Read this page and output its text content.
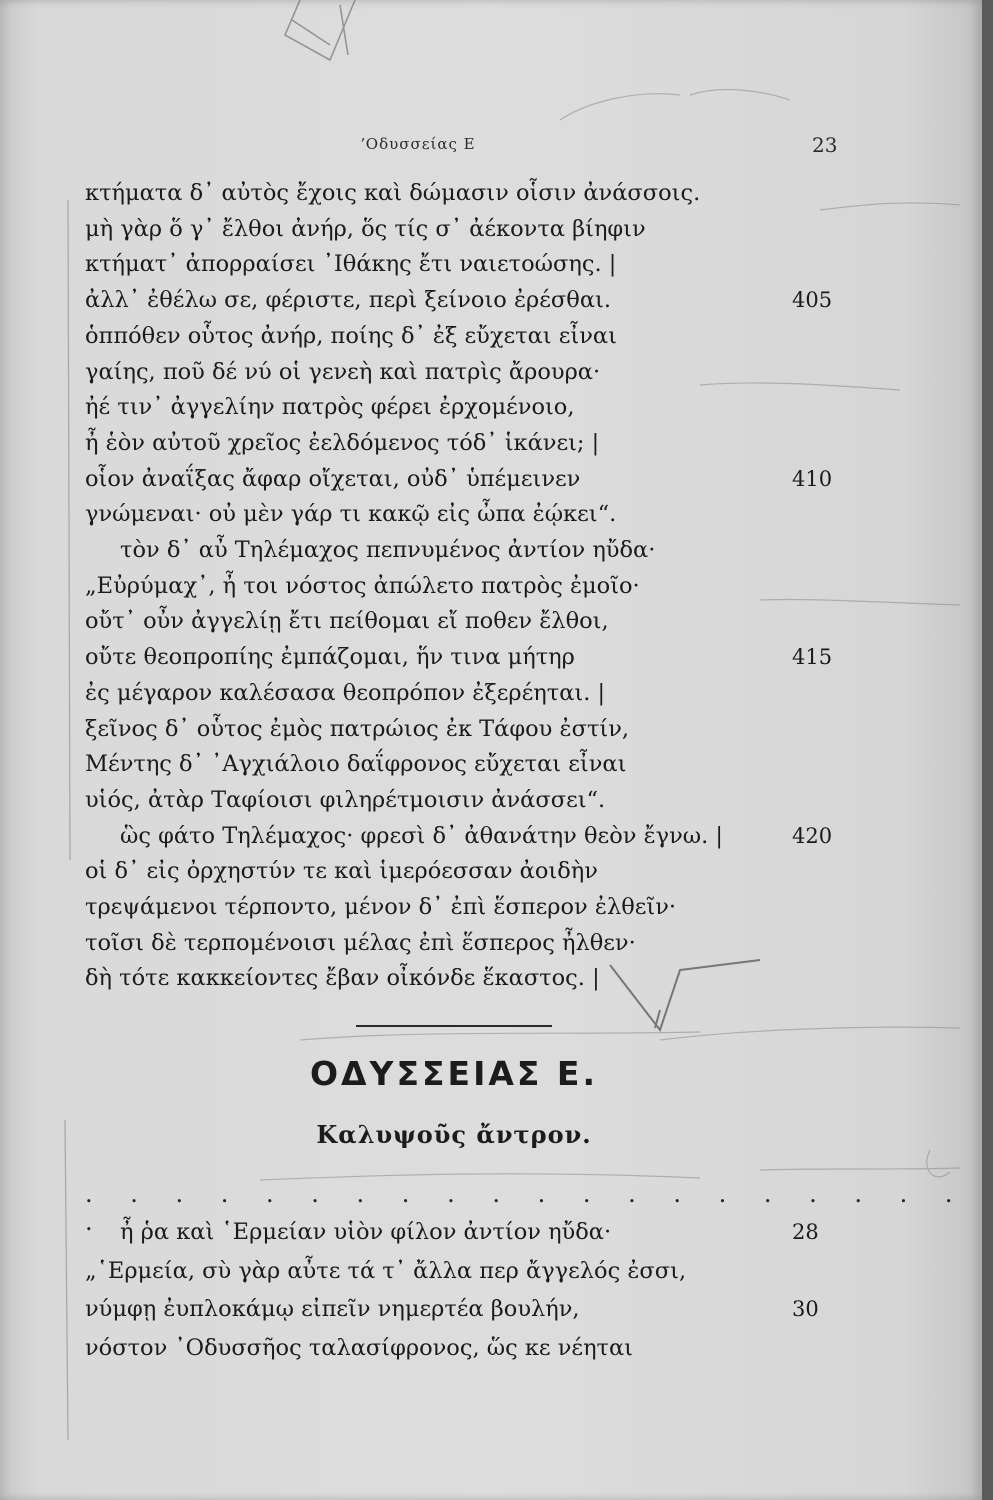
ʼΟδυσσείας Ε	23
κτήματα δ᾽ αὐτὸς ἔχοις καὶ δώμασιν οἷσιν ἀνάσσοις.
μὴ γὰρ ὅ γ᾽ ἔλθοι ἀνήρ, ὅς τίς σ᾽ ἀέκοντα βίηφιν
κτήματ᾽ ἀπορραίσει ᾽Ιθάκης ἔτι ναιετοώσης. |
ἀλλ᾽ ἐθέλω σε, φέριστε, περὶ ξείνοιο ἐρέσθαι.	405
ὁππόθεν οὗτος ἀνήρ, ποίης δ᾽ ἐξ εὔχεται εἶναι
γαίης, ποῦ δέ νύ οἱ γενεὴ καὶ πατρὶς ἄρουρα·
ἠέ τιν᾽ ἀγγελίην πατρὸς φέρει ἐρχομένοιο,
ἦ ἑὸν αὐτοῦ χρεῖος ἐελδόμενος τόδ᾽ ἱκάνει; |
οἷον ἀναΐξας ἄφαρ οἴχεται, οὐδ᾽ ὑπέμεινεν	410
γνώμεναι· οὐ μὲν γάρ τι κακῷ εἰς ὦπα ἐῴκει“.
τὸν δ᾽ αὖ Τηλέμαχος πεπνυμένος ἀντίον ηὔδα·
„Εὐρύμαχ᾽, ἦ τοι νόστος ἀπώλετο πατρὸς ἐμοῖο·
οὔτ᾽ οὖν ἀγγελίῃ ἔτι πείθομαι εἴ ποθεν ἔλθοι,
οὔτε θεοπροπίης ἐμπάζομαι, ἥν τινα μήτηρ	415
ἐς μέγαρον καλέσασα θεοπρόπον ἐξερέηται. |
ξεῖνος δ᾽ οὗτος ἐμὸς πατρώιος ἐκ Τάφου ἐστίν,
Μέντης δ᾽ ᾽Αγχιάλοιο δαΐφρονος εὔχεται εἶναι
υἱός, ἀτὰρ Ταφίοισι φιληρέτμοισιν ἀνάσσει“.
ὣς φάτο Τηλέμαχος· φρεσὶ δ᾽ ἀθανάτην θεὸν ἔγνω. |	420
οἱ δ᾽ εἰς ὀρχηστύν τε καὶ ἱμερόεσσαν ἀοιδὴν
τρεψάμενοι τέρποντο, μένον δ᾽ ἐπὶ ἕσπερον ἐλθεῖν·
τοῖσι δὲ τερπομένοισι μέλας ἐπὶ ἕσπερος ἦλθεν·
δὴ τότε κακκείοντες ἔβαν οἶκόνδε ἕκαστος. |
ΟΔΥΣΣΕΙΑΣ Ε.
Καλυψοῦς ἄντρον.
. . . . . . . . . . . . . . . . . . . . . ἦ ῥα καὶ ῾Ερμείαν υἱὸν φίλον ἀντίον ηὔδα·	28
„῾Ερμεία, σὺ γὰρ αὖτε τά τ᾽ ἄλλα περ ἄγγελός ἐσσι,
νύμφῃ ἐυπλοκάμῳ εἰπεῖν νημερτέα βουλήν,	30
νόστον ᾽Οδυσσῆος ταλασίφρονος, ὥς κε νέηται
